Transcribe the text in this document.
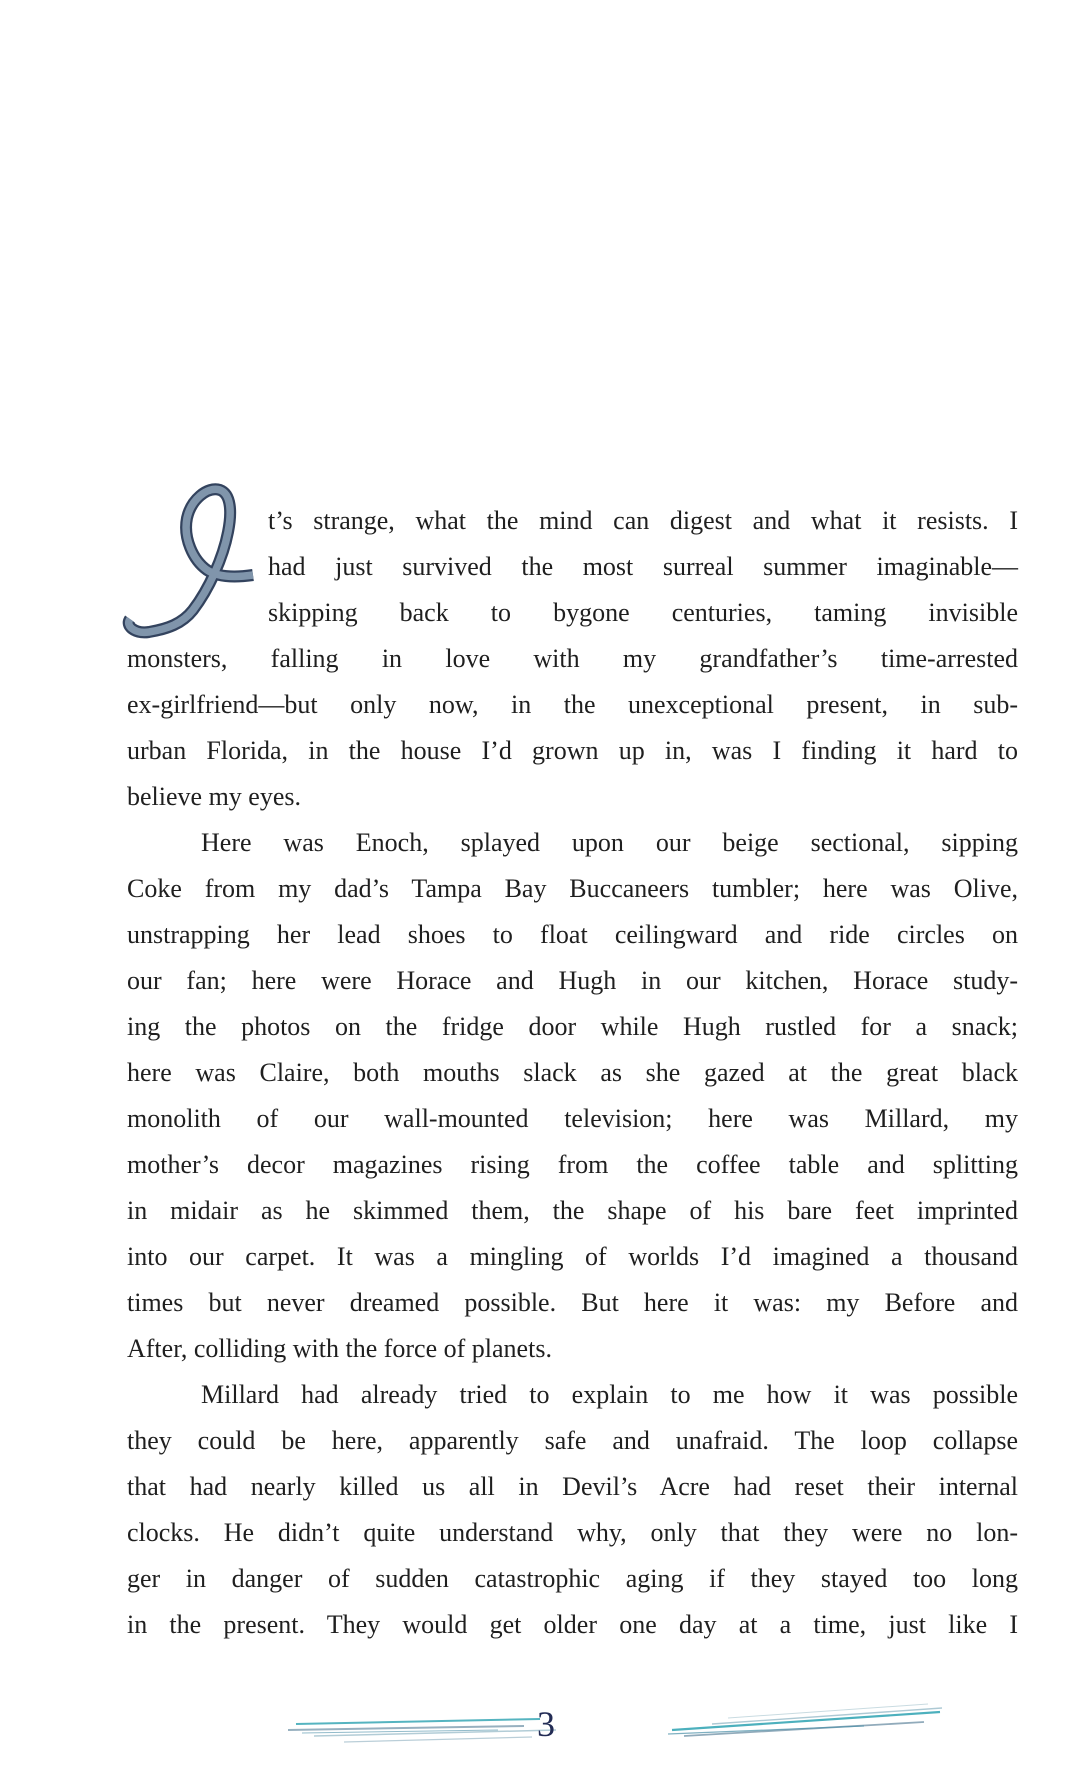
t’s strange, what the mind can digest and what it resists. I
had just survived the most surreal summer imaginable—
skipping back to bygone centuries, taming invisible
monsters, falling in love with my grandfather’s time-arrested
ex-girlfriend—but only now, in the unexceptional present, in sub-
urban Florida, in the house I’d grown up in, was I finding it hard to
believe my eyes.
Here was Enoch, splayed upon our beige sectional, sipping
Coke from my dad’s Tampa Bay Buccaneers tumbler; here was Olive,
unstrapping her lead shoes to float ceilingward and ride circles on
our fan; here were Horace and Hugh in our kitchen, Horace study-
ing the photos on the fridge door while Hugh rustled for a snack;
here was Claire, both mouths slack as she gazed at the great black
monolith of our wall-mounted television; here was Millard, my
mother’s decor magazines rising from the coffee table and splitting
in midair as he skimmed them, the shape of his bare feet imprinted
into our carpet. It was a mingling of worlds I’d imagined a thousand
times but never dreamed possible. But here it was: my Before and
After, colliding with the force of planets.
Millard had already tried to explain to me how it was possible
they could be here, apparently safe and unafraid. The loop collapse
that had nearly killed us all in Devil’s Acre had reset their internal
clocks. He didn’t quite understand why, only that they were no lon-
ger in danger of sudden catastrophic aging if they stayed too long
in the present. They would get older one day at a time, just like I
3
